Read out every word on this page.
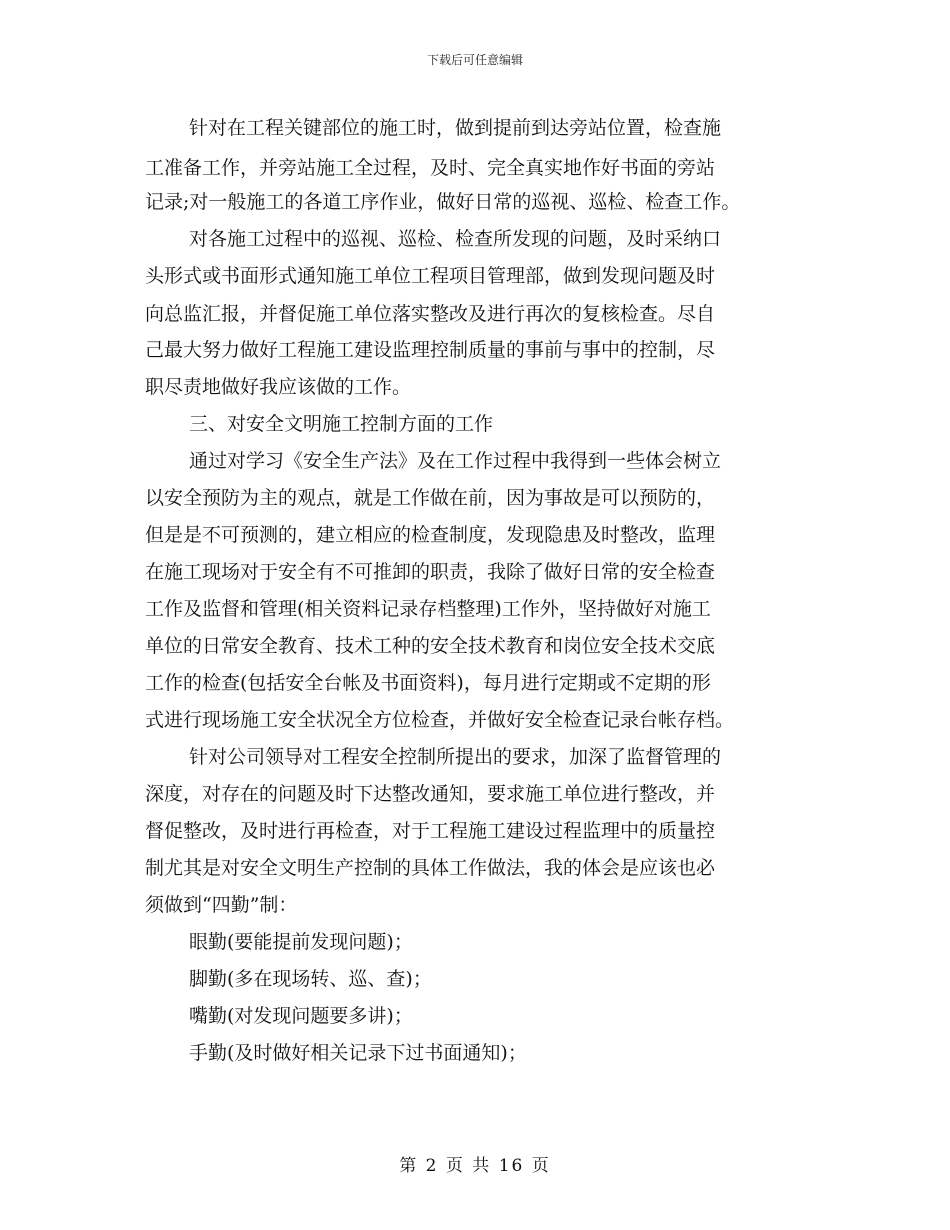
下载后可任意编辑
针对在工程关键部位的施工时，做到提前到达旁站位置，检查施
工准备工作，并旁站施工全过程，及时、完全真实地作好书面的旁站
记录;对一般施工的各道工序作业，做好日常的巡视、巡检、检查工作。
对各施工过程中的巡视、巡检、检查所发现的问题，及时采纳口
头形式或书面形式通知施工单位工程项目管理部，做到发现问题及时
向总监汇报，并督促施工单位落实整改及进行再次的复核检查。尽自
己最大努力做好工程施工建设监理控制质量的事前与事中的控制，尽
职尽责地做好我应该做的工作。
三、对安全文明施工控制方面的工作
通过对学习《安全生产法》及在工作过程中我得到一些体会树立
以安全预防为主的观点，就是工作做在前，因为事故是可以预防的，
但是是不可预测的，建立相应的检查制度，发现隐患及时整改，监理
在施工现场对于安全有不可推卸的职责，我除了做好日常的安全检查
工作及监督和管理(相关资料记录存档整理)工作外，坚持做好对施工
单位的日常安全教育、技术工种的安全技术教育和岗位安全技术交底
工作的检查(包括安全台帐及书面资料)，每月进行定期或不定期的形
式进行现场施工安全状况全方位检查，并做好安全检查记录台帐存档。
针对公司领导对工程安全控制所提出的要求，加深了监督管理的
深度，对存在的问题及时下达整改通知，要求施工单位进行整改，并
督促整改，及时进行再检查，对于工程施工建设过程监理中的质量控
制尤其是对安全文明生产控制的具体工作做法，我的体会是应该也必
须做到“四勤”制：
眼勤(要能提前发现问题)；
脚勤(多在现场转、巡、查)；
嘴勤(对发现问题要多讲)；
手勤(及时做好相关记录下过书面通知)；
第 2 页 共 16 页
